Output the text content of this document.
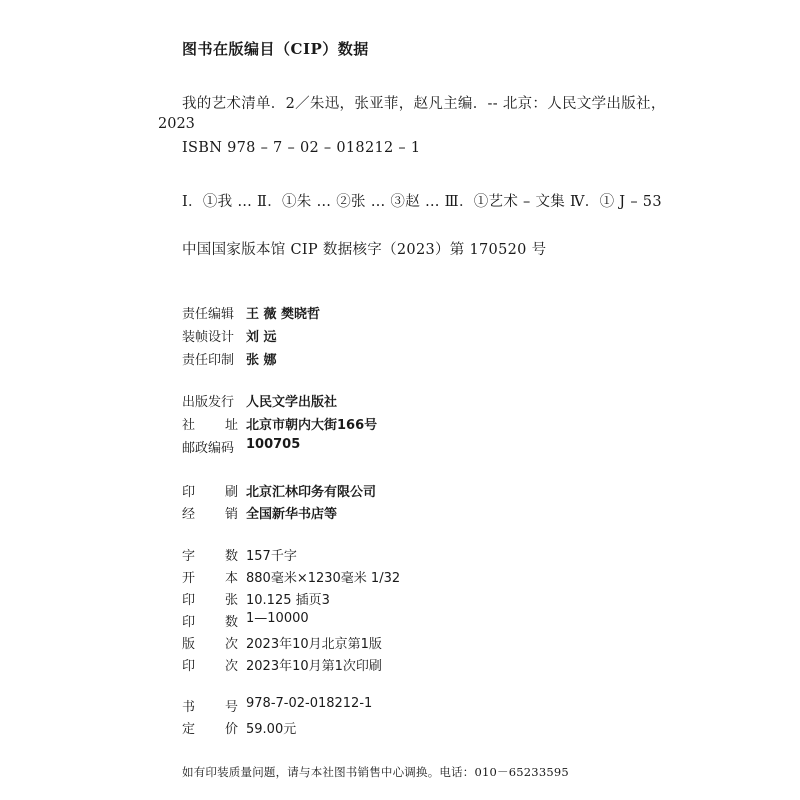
图书在版编目（CIP）数据
我的艺术清单．2／朱迅，张亚菲，赵凡主编．-- 北京：人民文学出版社，
2023
ISBN 978 – 7 – 02 – 018212 – 1
Ⅰ．①我 … Ⅱ．①朱 … ②张 … ③赵 … Ⅲ．①艺术 – 文集 Ⅳ．① J – 53
中国国家版本馆 CIP 数据核字（2023）第 170520 号
责任编辑 王 薇 樊晓哲
装帧设计 刘 远
责任印制 张 娜
出版发行 人民文学出版社
社 址 北京市朝内大街166号
邮政编码 100705
印 刷 北京汇林印务有限公司
经 销 全国新华书店等
字 数 157千字
开 本 880毫米×1230毫米 1/32
印 张 10.125 插页3
印 数 1—10000
版 次 2023年10月北京第1版
印 次 2023年10月第1次印刷
书 号 978-7-02-018212-1
定 价 59.00元
如有印装质量问题，请与本社图书销售中心调换。电话：010－65233595
